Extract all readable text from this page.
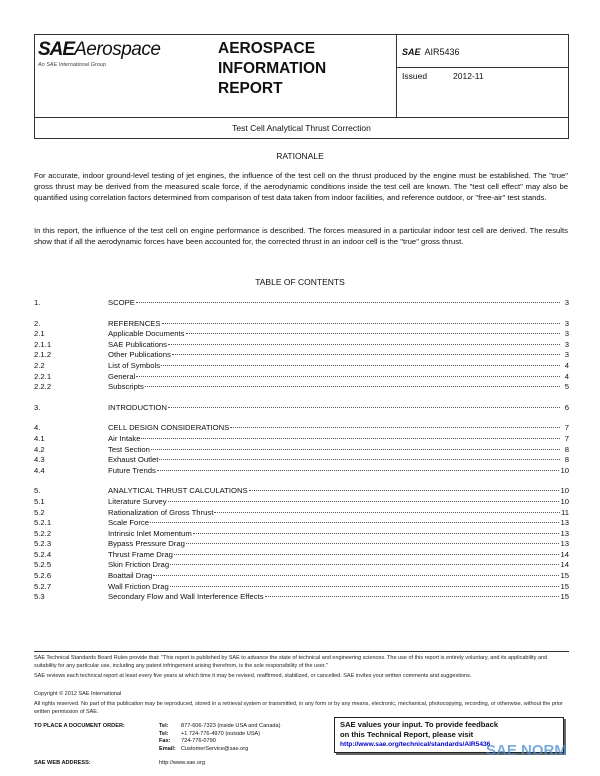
SAEAerospace
An SAE International Group
AEROSPACE
INFORMATION
REPORT
SAE AIR5436
Issued	2012-11
Test Cell Analytical Thrust Correction
RATIONALE
For accurate, indoor ground-level testing of jet engines, the influence of the test cell on the thrust produced by the engine must be established. The "true" gross thrust may be derived from the measured scale force, if the aerodynamic conditions inside the test cell are known. The "test cell effect" may also be quantified using correlation factors determined from comparison of test data taken from indoor facilities, and reference outdoor, or "free-air" test stands.
In this report, the influence of the test cell on engine performance is described. The forces measured in a particular indoor test cell are derived. The results show that if all the aerodynamic forces have been accounted for, the corrected thrust in an indoor cell is the "true" gross thrust.
TABLE OF CONTENTS
1.	SCOPE	3
2.	REFERENCES	3
2.1	Applicable Documents	3
2.1.1	SAE Publications	3
2.1.2	Other Publications	3
2.2	List of Symbols	4
2.2.1	General	4
2.2.2	Subscripts	5
3.	INTRODUCTION	6
4.	CELL DESIGN CONSIDERATIONS	7
4.1	Air Intake	7
4.2	Test Section	8
4.3	Exhaust Outlet	8
4.4	Future Trends	10
5.	ANALYTICAL THRUST CALCULATIONS	10
5.1	Literature Survey	10
5.2	Rationalization of Gross Thrust	11
5.2.1	Scale Force	13
5.2.2	Intrinsic Inlet Momentum	13
5.2.3	Bypass Pressure Drag	13
5.2.4	Thrust Frame Drag	14
5.2.5	Skin Friction Drag	14
5.2.6	Boattail Drag	15
5.2.7	Wall Friction Drag	15
5.3	Secondary Flow and Wall Interference Effects	15
SAE Technical Standards Board Rules provide that: "This report is published by SAE to advance the state of technical and engineering sciences. The use of this report is entirely voluntary, and its applicability and suitability for any particular use, including any patent infringement arising therefrom, is the sole responsibility of the user."
SAE reviews each technical report at least every five years at which time it may be revised, reaffirmed, stabilized, or cancelled. SAE invites your written comments and suggestions.
Copyright © 2012 SAE International
All rights reserved. No part of this publication may be reproduced, stored in a retrieval system or transmitted, in any form or by any means, electronic, mechanical, photocopying, recording, or otherwise, without the prior written permission of SAE.
TO PLACE A DOCUMENT ORDER:	Tel: 877-606-7323 (inside USA and Canada)
Tel: +1 724-776-4970 (outside USA)
Fax: 724-776-0790
Email: CustomerService@sae.org
SAE WEB ADDRESS:	http://www.sae.org
SAE values your input. To provide feedback
on this Technical Report, please visit
http://www.sae.org/technical/standards/AIR5436
SAE NORM
